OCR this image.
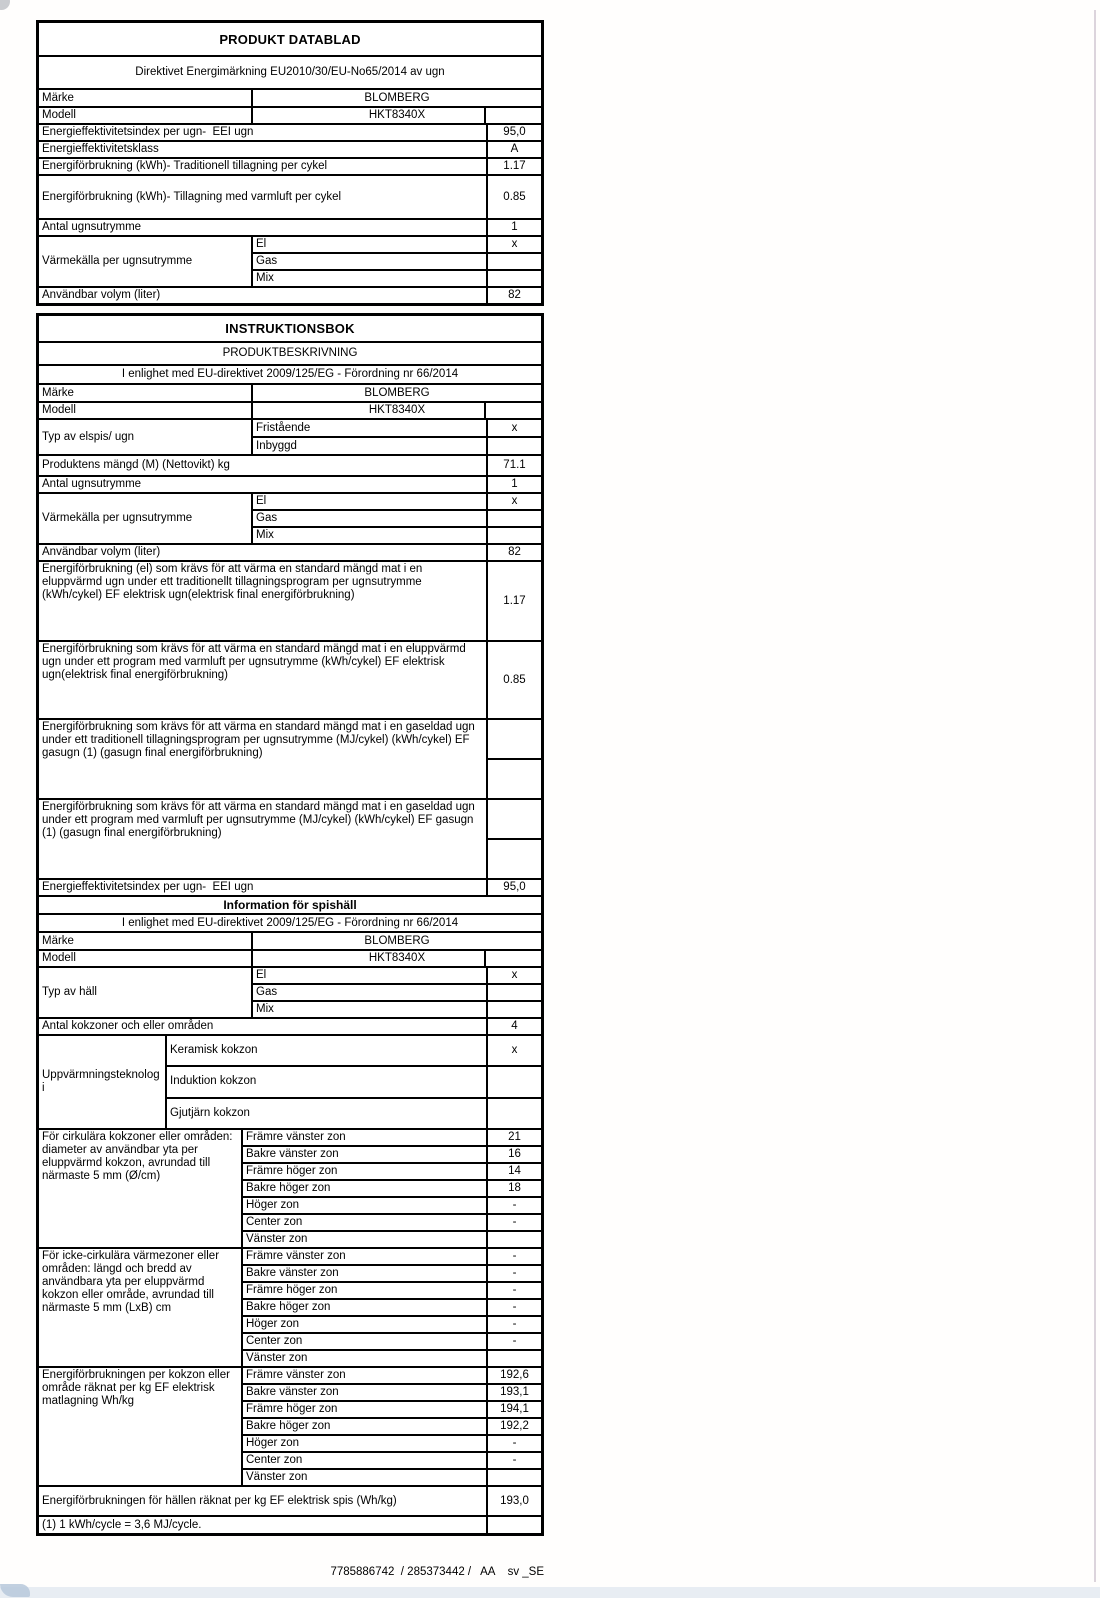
PRODUKT DATABLAD
Direktivet Energimärkning EU2010/30/EU-No65/2014 av ugn
Märke	BLOMBERG
Modell	HKT8340X
Energieffektivitetsindex per ugn-  EEI ugn	95,0
Energieffektivitetsklass	A
Energiförbrukning (kWh)- Traditionell tillagning per cykel	1.17
Energiförbrukning (kWh)- Tillagning med varmluft per cykel	0.85
Antal ugnsutrymme	1
Värmekälla per ugnsutrymme
El	x
Gas
Mix
Användbar volym (liter)	82
INSTRUKTIONSBOK
PRODUKTBESKRIVNING
I enlighet med EU-direktivet 2009/125/EG - Förordning nr 66/2014
Märke	BLOMBERG
Modell	HKT8340X
Typ av elspis/ ugn
Fristående	x
Inbyggd
Produktens mängd (M) (Nettovikt) kg	71.1
Antal ugnsutrymme	1
Värmekälla per ugnsutrymme
El	x
Gas
Mix
Användbar volym (liter)	82
Energiförbrukning (el) som krävs för att värma en standard mängd mat i en eluppvärmd ugn under ett traditionellt tillagningsprogram per ugnsutrymme (kWh/cykel) EF elektrisk ugn(elektrisk final energiförbrukning)	1.17
Energiförbrukning som krävs för att värma en standard mängd mat i en eluppvärmd ugn under ett program med varmluft per ugnsutrymme (kWh/cykel) EF elektrisk ugn(elektrisk final energiförbrukning)	0.85
Energiförbrukning som krävs för att värma en standard mängd mat i en gaseldad ugn under ett traditionell tillagningsprogram per ugnsutrymme (MJ/cykel) (kWh/cykel) EF gasugn (1) (gasugn final energiförbrukning)
Energiförbrukning som krävs för att värma en standard mängd mat i en gaseldad ugn under ett program med varmluft per ugnsutrymme (MJ/cykel) (kWh/cykel) EF gasugn (1) (gasugn final energiförbrukning)
Energieffektivitetsindex per ugn-  EEI ugn	95,0
Information för spishäll
I enlighet med EU-direktivet 2009/125/EG - Förordning nr 66/2014
Märke	BLOMBERG
Modell	HKT8340X
Typ av häll
El	x
Gas
Mix
Antal kokzoner och eller områden	4
Uppvärmningsteknologi
Keramisk kokzon	x
Induktion kokzon
Gjutjärn kokzon
För cirkulära kokzoner eller områden: diameter av användbar yta per eluppvärmd kokzon, avrundad till närmaste 5 mm (Ø/cm)
Främre vänster zon	21
Bakre vänster zon	16
Främre höger zon	14
Bakre höger zon	18
Höger zon	-
Center zon	-
Vänster zon
För icke-cirkulära värmezoner eller områden: längd och bredd av användbara yta per eluppvärmd kokzon eller område, avrundad till närmaste 5 mm (LxB) cm
Främre vänster zon	-
Bakre vänster zon	-
Främre höger zon	-
Bakre höger zon	-
Höger zon	-
Center zon	-
Vänster zon
Energiförbrukningen per kokzon eller område räknat per kg EF elektrisk matlagning Wh/kg
Främre vänster zon	192,6
Bakre vänster zon	193,1
Främre höger zon	194,1
Bakre höger zon	192,2
Höger zon	-
Center zon	-
Vänster zon
Energiförbrukningen för hällen räknat per kg EF elektrisk spis (Wh/kg)	193,0
(1) 1 kWh/cycle = 3,6 MJ/cycle.
7785886742  / 285373442 /   AA    sv _SE
